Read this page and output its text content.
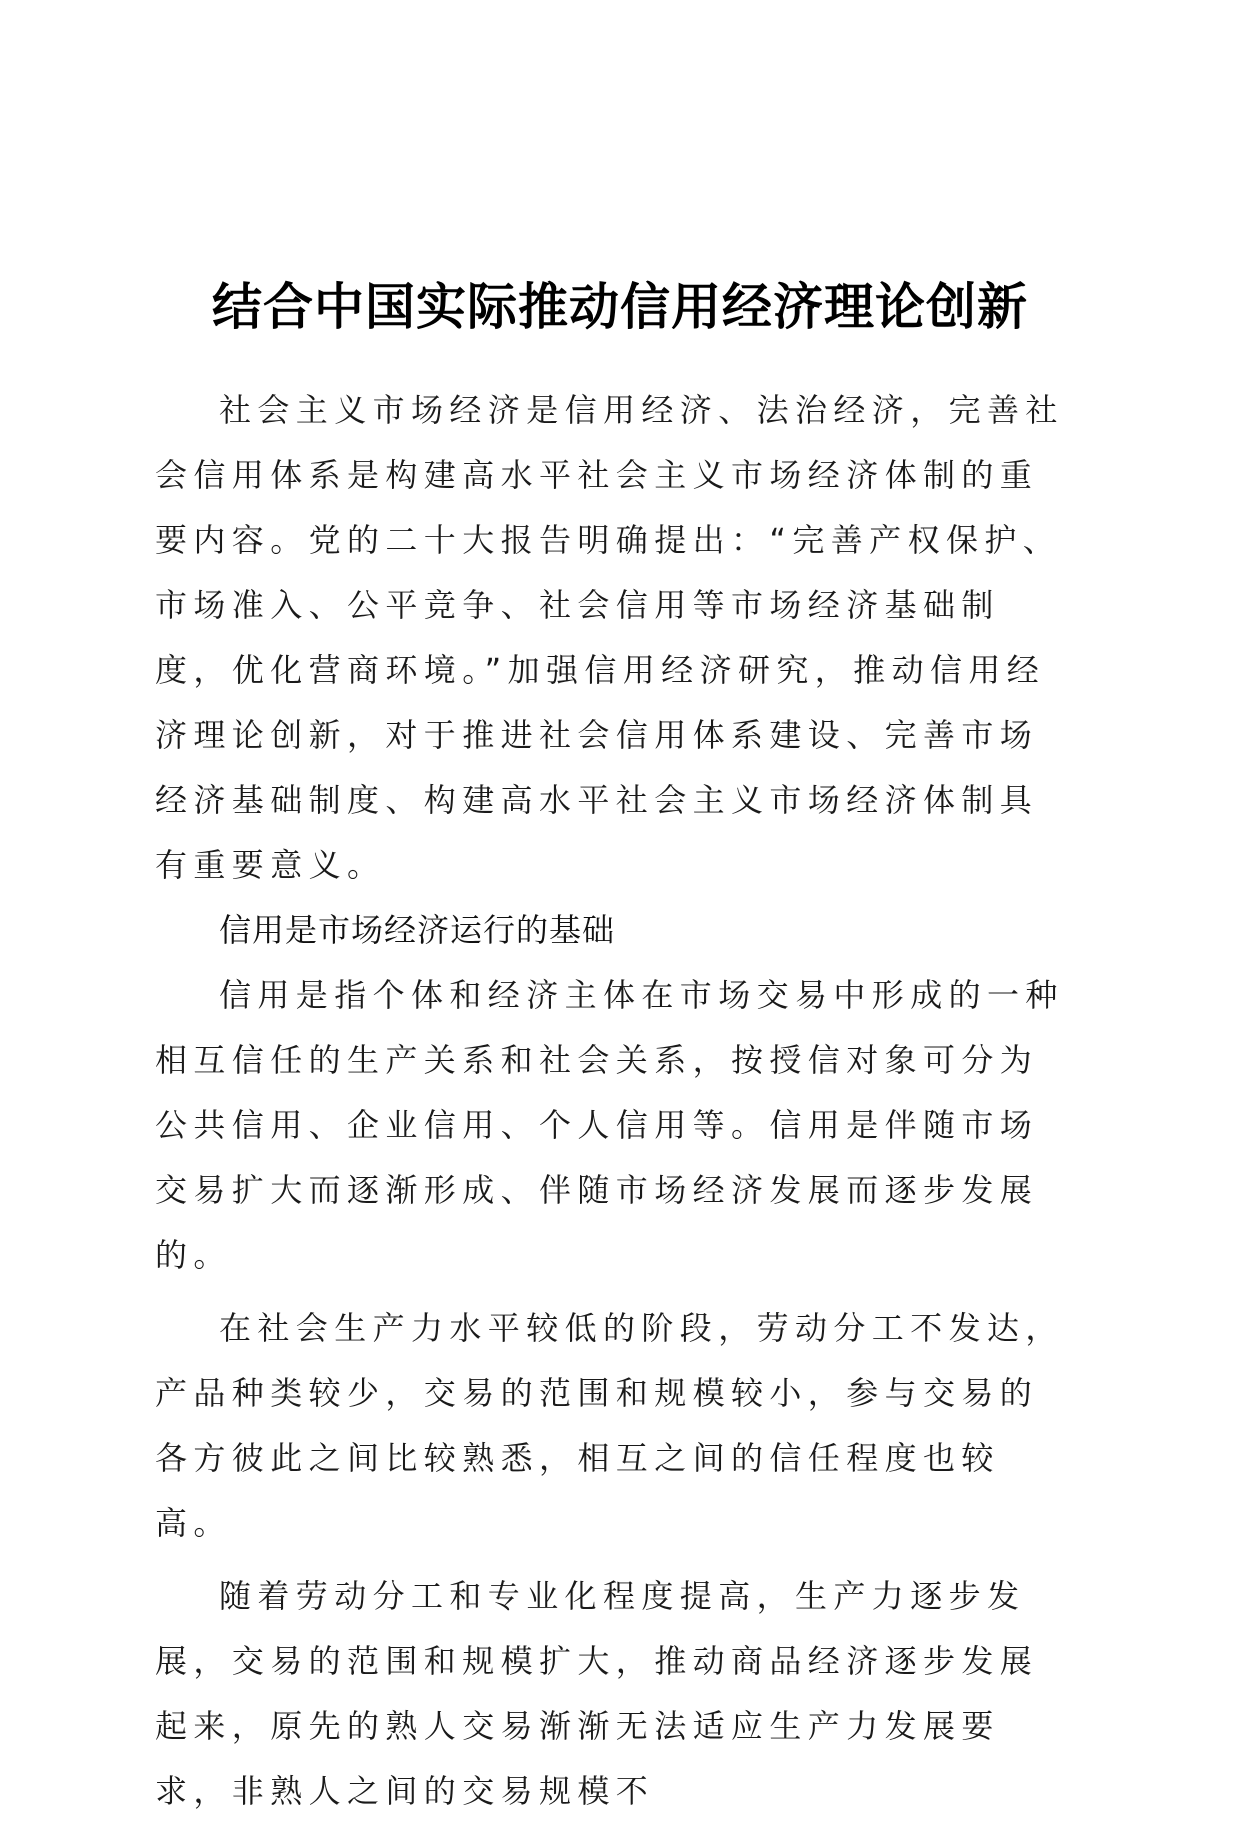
结合中国实际推动信用经济理论创新

社会主义市场经济是信用经济、法治经济，完善社会信用体系是构建高水平社会主义市场经济体制的重要内容。党的二十大报告明确提出：“完善产权保护、市场准入、公平竞争、社会信用等市场经济基础制度，优化营商环境。”加强信用经济研究，推动信用经济理论创新，对于推进社会信用体系建设、完善市场经济基础制度、构建高水平社会主义市场经济体制具有重要意义。

信用是市场经济运行的基础

信用是指个体和经济主体在市场交易中形成的一种相互信任的生产关系和社会关系，按授信对象可分为公共信用、企业信用、个人信用等。信用是伴随市场交易扩大而逐渐形成、伴随市场经济发展而逐步发展的。

在社会生产力水平较低的阶段，劳动分工不发达，产品种类较少，交易的范围和规模较小，参与交易的各方彼此之间比较熟悉，相互之间的信任程度也较高。

随着劳动分工和专业化程度提高，生产力逐步发展，交易的范围和规模扩大，推动商品经济逐步发展起来，原先的熟人交易渐渐无法适应生产力发展要求，非熟人之间的交易规模不
